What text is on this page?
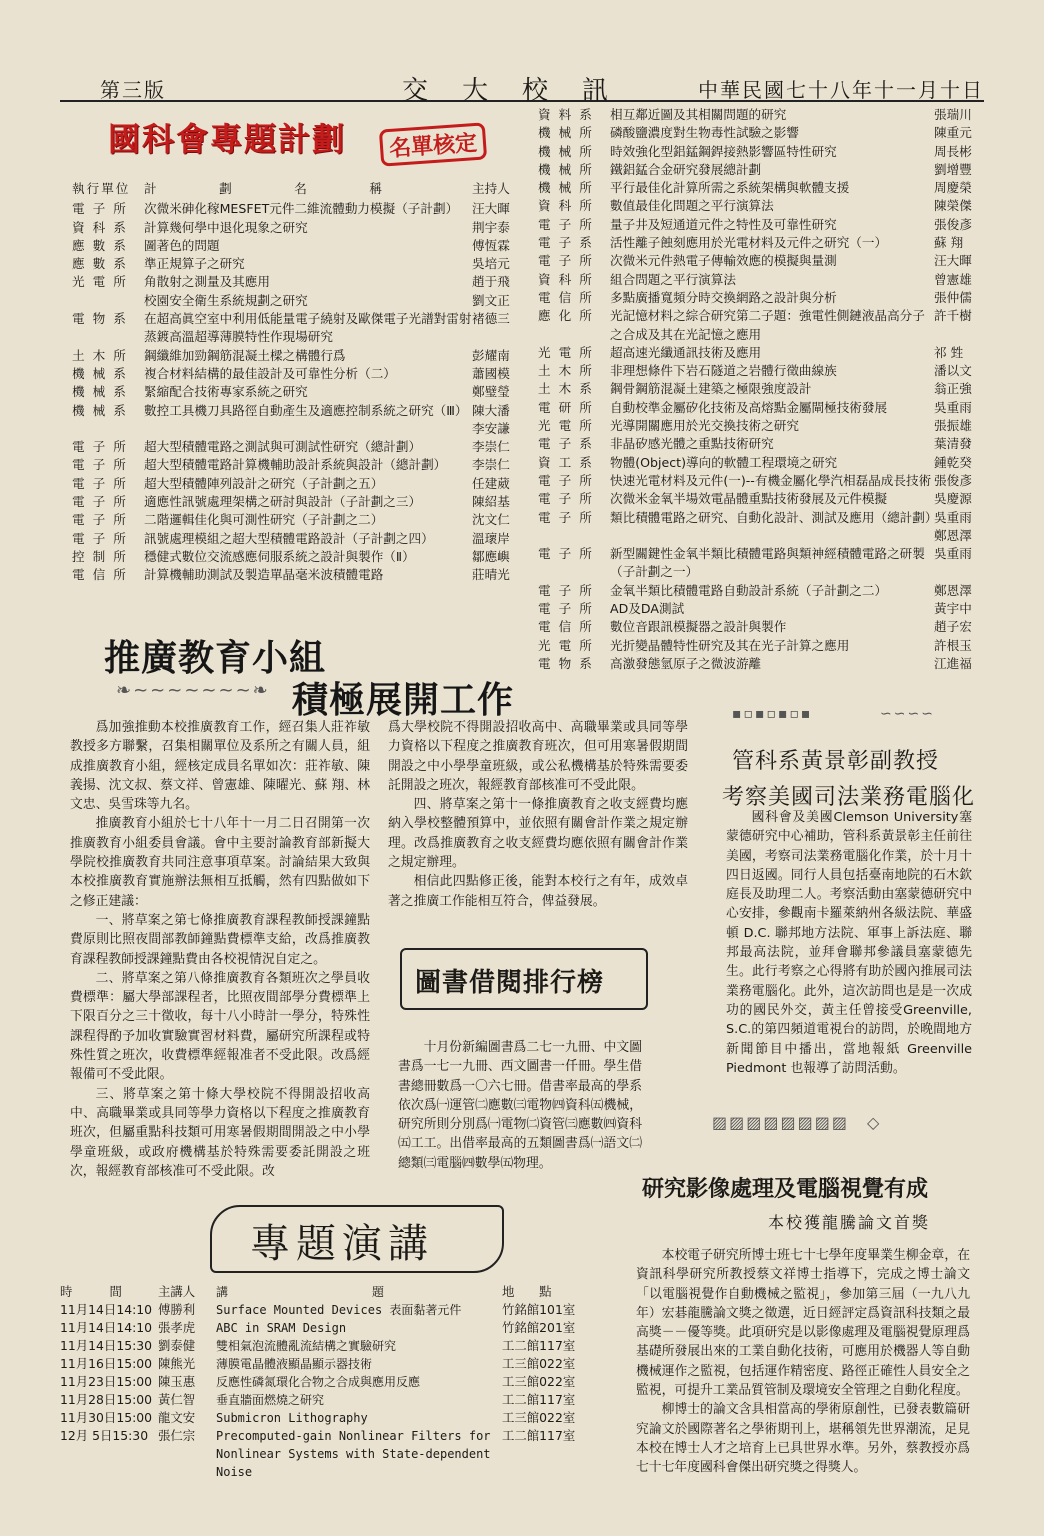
第三版	交大校訊	中華民國七十八年十一月十日
國科會專題計劃	名單核定
執行單位	計	劃	名	稱	主持人
電 子 所	次微米砷化稼MESFET元件二維流體動力模擬（子計劃）	汪大暉
資 科 系	計算幾何學中退化現象之研究	荆宇泰
應 數 系	圖著色的問題	傅恆霖
應 數 系	準正規算子之研究	吳培元
光 電 所	角散射之測量及其應用	趙于飛
校園安全衛生系統規劃之研究	劉文正
電 物 系	在超高眞空室中利用低能量電子繞射及歐傑電子光譜對雷射蒸鍍高溫超導薄膜特性作現場研究
褚德三
土 木 所	鋼纖維加勁鋼筋混凝土樑之構體行爲	彭耀南
機 械 系	複合材料結構的最佳設計及可靠性分析（二）	蕭國模
機 械 系	緊縮配合技術專家系統之研究	鄭璧瑩
機 械 系	數控工具機刀具路徑自動產生及適應控制系統之研究（Ⅲ） 陳大潘
李安謙
電 子 所	超大型積體電路之測試與可測試性研究（總計劃）	李崇仁
電 子 所	超大型積體電路計算機輔助設計系統與設計（總計劃）	李崇仁
電 子 所	超大型積體陣列設計之研究（子計劃之五）	任建葳
電 子 所	適應性訊號處理架構之研討與設計（子計劃之三）	陳紹基
電 子 所	二階邏輯佳化與可測性研究（子計劃之二）	沈文仁
電 子 所	訊號處理模組之超大型積體電路設計（子計劃之四）	溫瓌岸
控 制 所	穩健式數位交流感應伺服系統之設計與製作（Ⅱ）	鄒應嶼
電 信 所	計算機輔助測試及製造單晶毫米波積體電路	莊晴光
資 料 系	相互鄰近圖及其相關問題的研究	張瑞川
機 械 所	磷酸鹽濃度對生物毒性試驗之影響	陳重元
機 械 所	時效強化型鋁錳鋼銲接熱影響區特性研究	周長彬
機 械 所	鐵鋁錳合金研究發展總計劃	劉增豐
機 械 所	平行最佳化計算所需之系統架構與軟體支援	周慶榮
資 科 所	數值最佳化問題之平行演算法	陳榮傑
電 子 所	量子井及短通道元件之特性及可靠性研究	張俊彥
電 子 系	活性離子蝕刻應用於光電材料及元件之研究（一）	蘇 翔
電 子 所	次微米元件熱電子傳輸效應的模擬與量測	汪大暉
資 科 所	組合問題之平行演算法	曾憲雄
電 信 所	多點廣播寬頻分時交換網路之設計與分析	張仲儒
應 化 所	光記憶材料之綜合研究第二子題：強電性側鏈液晶高分子之合成及其在光記憶之應用
許千樹
光 電 所	超高速光纖通訊技術及應用	祁 甡
土 木 所	非理想條件下岩石隧道之岩體行徵曲線族	潘以文
土 木 系	鋼骨鋼筋混凝土建築之極限強度設計	翁正強
電 研 所	自動校準金屬矽化技術及高熔點金屬閘極技術發展	吳重雨
光 電 所	光導開關應用於光交換技術之研究	張振雄
電 子 系	非晶矽感光體之重點技術研究	葉清發
資 工 系	物體(Object)導向的軟體工程環境之研究	鍾乾癸
電 子 所	快速光電材料及元件(一)--有機金屬化學汽相磊晶成長技術 張俊彥
電 子 所	次微米金氧半場效電晶體重點技術發展及元件模擬	吳慶源
電 子 所	類比積體電路之研究、自動化設計、測試及應用（總計劃）
吳重雨
鄭恩澤
電 子 所	新型關鍵性金氧半類比積體電路與類神經積體電路之研製（子計劃之一）
吳重雨
電 子 所	金氧半類比積體電路自動設計系統（子計劃之二）	鄭恩澤
電 子 所	AD及DA測試	黃宇中
電 信 所	數位音跟訊模擬器之設計與製作	趙子宏
光 電 所	光折變晶體特性研究及其在光子計算之應用	許根玉
電 物 系	高激發態氫原子之微波游離	江進福
推廣教育小組
❧~~~~~~~❧ 積極展開工作

爲加強推動本校推廣教育工作，經召集人莊祚敏教授多方聯繫，召集相關單位及系所之有關人員，組成推廣教育小組，經核定成員名單如次：莊祚敏、陳義揚、沈文叔、蔡文祥、曾憲雄、陳曜光、蘇 翔、林文忠、吳雪珠等九名。

推廣教育小組於七十八年十一月二日召開第一次推廣教育小組委員會議。會中主要討論教育部新擬大學院校推廣教育共同注意事項草案。討論結果大致與本校推廣教育實施辦法無相互抵觸，然有四點做如下之修正建議：

一、將草案之第七條推廣教育課程教師授課鐘點費原則比照夜間部教師鐘點費標準支給，改爲推廣教育課程教師授課鐘點費由各校視情況自定之。

二、將草案之第八條推廣教育各類班次之學員收費標準：屬大學部課程者，比照夜間部學分費標準上下限百分之三十徵收，每十八小時計一學分，特殊性課程得酌予加收實驗實習材料費，屬研究所課程或特殊性質之班次，收費標準經報准者不受此限。改爲經報備可不受此限。

三、將草案之第十條大學校院不得開設招收高中、高職畢業或具同等學力資格以下程度之推廣教育班次，但屬重點科技類可用寒暑假期間開設之中小學學童班級，或政府機構基於特殊需要委託開設之班次，報經教育部核准可不受此限。改

爲大學校院不得開設招收高中、高職畢業或具同等學力資格以下程度之推廣教育班次，但可用寒暑假期間開設之中小學學童班級，或公私機構基於特殊需要委託開設之班次，報經教育部核准可不受此限。

四、將草案之第十一條推廣教育之收支經費均應納入學校整體預算中，並依照有關會計作業之規定辦理。改爲推廣教育之收支經費均應依照有關會計作業之規定辦理。

相信此四點修正後，能對本校行之有年，成效卓著之推廣工作能相互符合，俾益發展。

圖書借閱排行榜

十月份新編圖書爲二七一九冊、中文圖書爲一七一九冊、西文圖書一仟冊。學生借書總冊數爲一〇六七冊。借書率最高的學系依次爲㈠運管㈡應數㈢電物㈣資科㈤機械，研究所則分別爲㈠電物㈡資管㈢應數㈣資科㈤工工。出借率最高的五類圖書爲㈠語文㈡總類㈢電腦㈣數學㈤物理。

▪▫▪▫▪▫▪	∽∽∽∽
管科系黃景彰副教授
考察美國司法業務電腦化

國科會及美國Clemson University塞蒙德研究中心補助，管科系黃景彰主任前往美國，考察司法業務電腦化作業，於十月十四日返國。同行人員包括臺南地院的石木欽庭長及助理二人。考察活動由塞蒙德研究中心安排，參觀南卡羅萊納州各級法院、華盛頓 D.C. 聯邦地方法院、軍事上訴法庭、聯邦最高法院，並拜會聯邦參議員塞蒙德先生。此行考察之心得將有助於國內推展司法業務電腦化。此外，這次訪問也是是一次成功的國民外交，黃主任曾接受Greenville, S.C.的第四頻道電視台的訪問，於晚間地方新聞節目中播出，當地報紙 Greenville Piedmont 也報導了訪問活動。

▨▨▨▨▨▨▨▨　◇
研究影像處理及電腦視覺有成
本校獲龍騰論文首獎

本校電子研究所博士班七十七學年度畢業生柳金章，在資訊科學研究所教授蔡文祥博士指導下，完成之博士論文「以電腦視覺作自動機械之監視」，參加第三屆（一九八九年）宏碁龍騰論文獎之徵選，近日經評定爲資訊科技類之最高獎－－優等獎。此項研究是以影像處理及電腦視覺原理爲基礎所發展出來的工業自動化技術，可應用於機器人等自動機械運作之監視，包括運作精密度、路徑正確性人員安全之監視，可提升工業品質管制及環境安全管理之自動化程度。

柳博士的論文含具相當高的學術原創性，已發表數篇研究論文於國際著名之學術期刊上，堪稱領先世界潮流，足見本校在博士人才之培育上已具世界水準。另外，蔡教授亦爲七十七年度國科會傑出研究獎之得獎人。

專題演講
時　　　間	主講人	講　　　　　　　　　　　　題	地　　點
11月14日14:10 傅勝利	Surface Mounted Devices 表面黏著元件	竹銘館101室
11月14日14:10 張孝虎	ABC in SRAM Design	竹銘館201室
11月14日15:30 劉泰健	雙相氣泡流體亂流結構之實驗研究	工二館117室
11月16日15:00 陳熊光	薄膜電晶體液顯晶顯示器技術	工三館022室
11月23日15:00 陳玉惠	反應性磷氮環化合物之合成與應用反應	工三館022室
11月28日15:00 黃仁智	垂直牆面燃燒之研究	工二館117室
11月30日15:00 龍文安	Submicron Lithography	工三館022室
12月 5日15:30 張仁宗	Precomputed-gain Nonlinear Filters for Nonlinear Systems with State-dependent Noise
工二館117室
